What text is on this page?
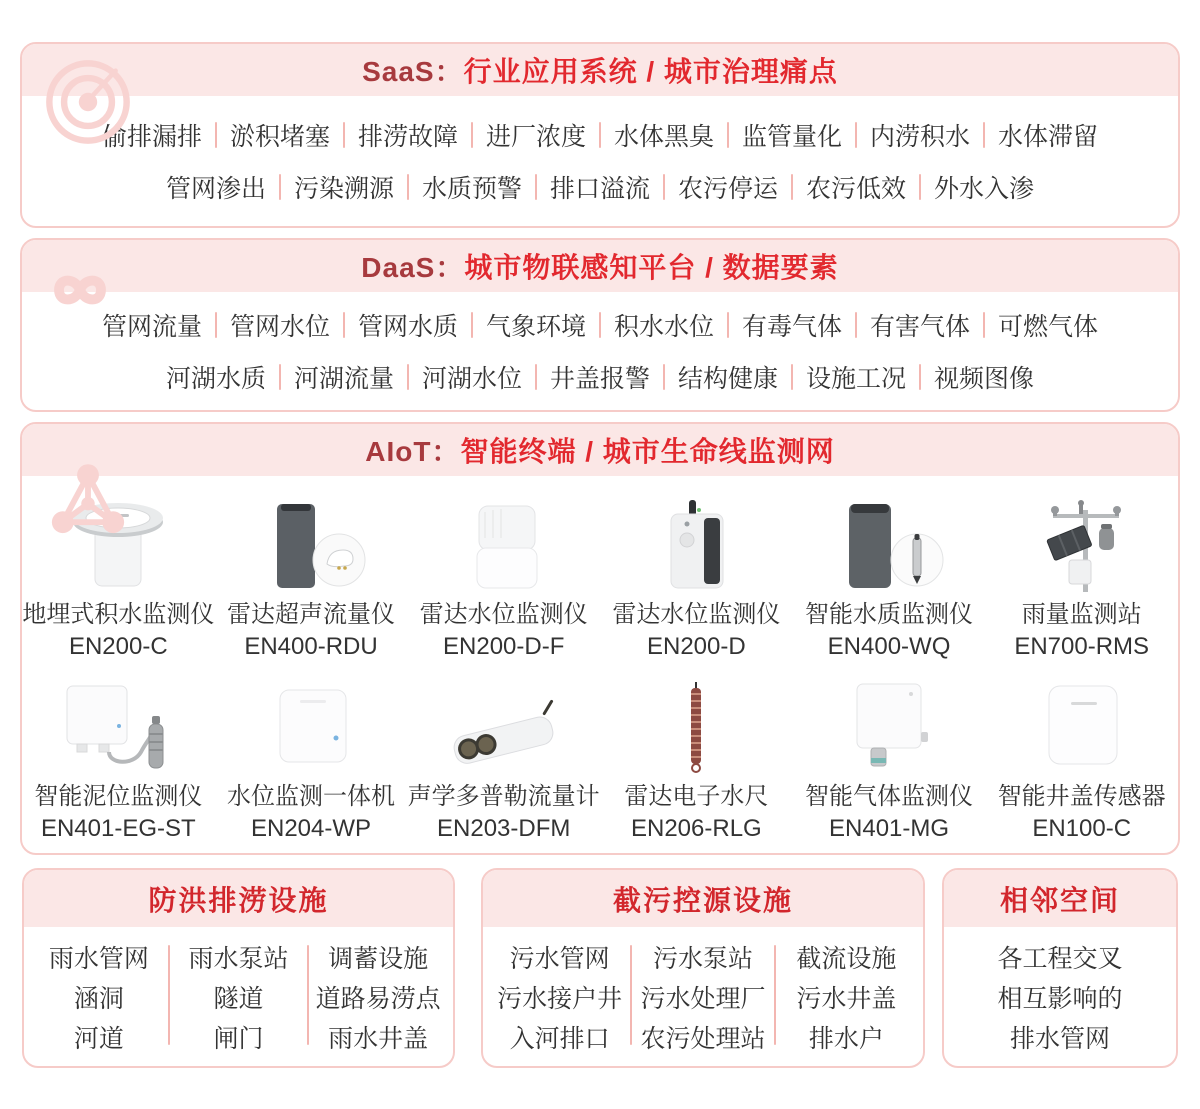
SaaS：行业应用系统 / 城市治理痛点
偷排漏排 淤积堵塞 排涝故障 进厂浓度 水体黑臭 监管量化 内涝积水 水体滞留
管网渗出 污染溯源 水质预警 排口溢流 农污停运 农污低效 外水入渗
DaaS：城市物联感知平台 / 数据要素
管网流量 管网水位 管网水质 气象环境 积水水位 有毒气体 有害气体 可燃气体
河湖水质 河湖流量 河湖水位 井盖报警 结构健康 设施工况 视频图像
AIoT：智能终端 / 城市生命线监测网
地埋式积水监测仪
EN200-C
雷达超声流量仪
EN400-RDU
雷达水位监测仪
EN200-D-F
雷达水位监测仪
EN200-D
智能水质监测仪
EN400-WQ
雨量监测站
EN700-RMS
智能泥位监测仪
EN401-EG-ST
水位监测一体机
EN204-WP
声学多普勒流量计
EN203-DFM
雷达电子水尺
EN206-RLG
智能气体监测仪
EN401-MG
智能井盖传感器
EN100-C
防洪排涝设施
雨水管网
涵洞
河道
雨水泵站
隧道
闸门
调蓄设施
道路易涝点
雨水井盖
截污控源设施
污水管网
污水接户井
入河排口
污水泵站
污水处理厂
农污处理站
截流设施
污水井盖
排水户
相邻空间
各工程交叉
相互影响的
排水管网
